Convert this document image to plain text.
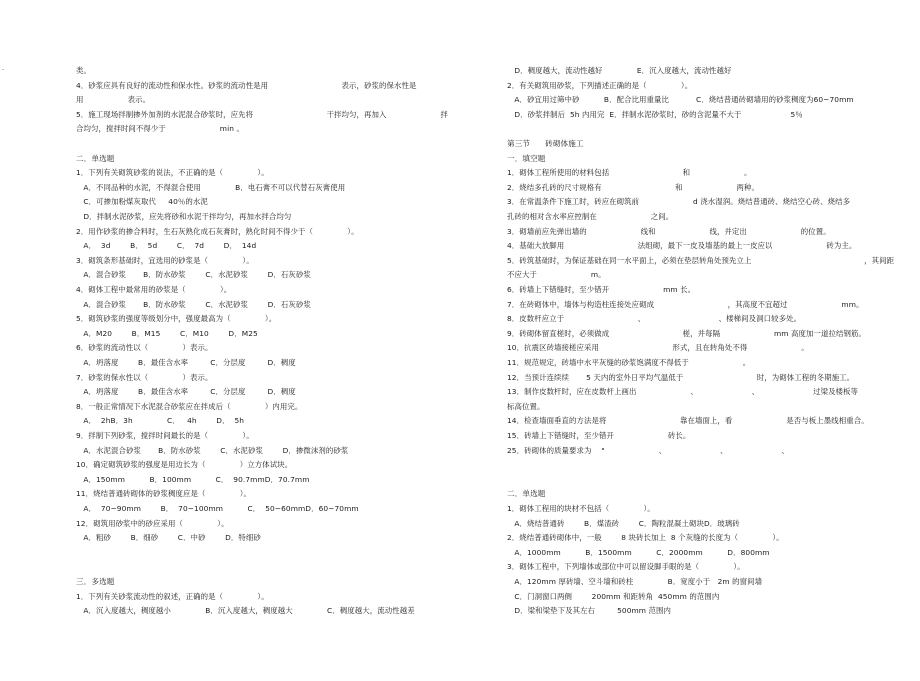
-	类。
4．砂浆应具有良好的流动性和保水性。砂浆的流动性是用                              表示，砂浆的保水性是
用                  表示。
5．施工现场拌制掺外加剂的水泥混合砂浆时，应先将                              干拌均匀，再加入                      拌
合均匀，搅拌时间不得少于                      min 。
二．单选题
1．下列有关砌筑砂浆的说法，不正确的是（              ）。
A．不同品种的水泥，不得混合使用              B．电石膏不可以代替石灰膏使用
C．可掺加粉煤灰取代     40％的水泥
D．拌制水泥砂浆，应先将砂和水泥干拌均匀，再加水拌合均匀
2．用作砂浆的掺合料时，生石灰熟化成石灰膏时，熟化时间不得少于（              ）。
A．  3d        B．  5d        C．  7d        D．  14d
3．砌筑条形基础时，宜选用的砂浆是（              ）。
A．混合砂浆       B．防水砂浆        C．水泥砂浆        D．石灰砂浆
4．砌体工程中最常用的砂浆是（              ）。
A．混合砂浆       B．防水砂浆        C．水泥砂浆        D．石灰砂浆
5．砌筑砂浆的强度等级划分中，强度最高为（              ）。
A．M20        B．M15        C．M10        D．M25
6．砂浆的流动性以（              ）表示。
A．坍落度        B．最佳含水率         C．分层度         D．稠度
7．砂浆的保水性以（              ）表示。
A．坍落度        B．最佳含水率         C．分层度         D．稠度
8．一般正常情况下水泥混合砂浆应在拌成后（              ）内用完。
A．  2hB．3h              C．   4h        D．  5h
9．拌制下列砂浆，搅拌时间最长的是（              ）。
A．水泥混合砂浆       B．防水砂浆        C．水泥砂浆        D．掺微沫剂的砂浆
10．确定砌筑砂浆的强度是用边长为（              ）立方体试块。
A．150mm          B．100mm          C．  90.7mmD．70.7mm
11．烧结普通砖砌体的砂浆稠度应是（              ）。
A．  70~90mm        B．  70~100mm          C．  50~60mmD．60~70mm
12．砌筑用砂浆中的砂应采用（              ）。
A．粗砂        B．细砂        C．中砂        D．特细砂
三．多选题
1．下列有关砂浆流动性的叙述，正确的是（              ）。
A．沉入度越大，稠度越小              B．沉入度越大，稠度越大              C．稠度越大，流动性越差
D．稠度越大，流动性越好              E．沉入度越大，流动性越好
2．有关砌筑用砂浆，下列描述正确的是（              ）。
A．砂宜用过筛中砂          B．配合比用重量比           C．烧结普通砖砌墙用的砂浆稠度为60~70mm
D．砂浆拌制后  5h 内用完  E．拌制水泥砂浆时，砂的含泥量不大于                    5％
第三节      砖砌体施工
一．填空题
1．砌体工程所使用的材料包括                              和                      。
2．烧结多孔砖的尺寸规格有                              和                      两种。
3．在常温条件下施工时，砖应在砌筑前                      d 浇水湿润。烧结普通砖、烧结空心砖、烧结多
孔砖的相对含水率应控制在                      之间。
3．砌墙前应先弹出墙的                      线和                      线，并定出                      的位置。
4．基础大放脚用                              法组砌，最下一皮及墙基的最上一皮应以                      砖为主。
5．砖筑基础时，为保证基础在同一水平面上，必须在垫层转角处预先立上                                              ，其间距
不应大于                      m。
6．砖墙上下错缝时，至少错开                      mm 长。
7．在砖砌体中，墙体与构造柱连接处应砌成                              ，其高度不宜超过                      mm。
8．皮数杆应立于                              、                              、楼梯间及洞口较多处。
9．砖砌体留直槎时，必须做成                              槎，并每隔                      mm 高度加一道拉结钢筋。
10．抗震区砖墙接槎应采用                              形式，且在转角处不得                      。
11．规范规定，砖墙中水平灰缝的砂浆饱满度不得低于                      。
12．当预计连续续       5 天内的室外日平均气温低于                              时，为砌体工程的冬期施工。
13．制作皮数杆时，应在皮数杆上画出                      、                      、                      过梁及楼板等
标高位置。
14．检查墙面垂直的方法是将                              靠在墙面上，看                      是否与板上墨线相重合。
15．砖墙上下错缝时，至少错开                      砖长。
25．砖砌体的质量要求为    "                      、                      、                      、
二．单选题
1．砌体工程用的块材不包括（              ）。
A．烧结普通砖        B．煤渣砖        C．陶粒混凝土砌块D．玻璃砖
2．烧结普通砖砌体中，一般        8 块砖长加上  8 个灰缝的长度为（              ）。
A．1000mm          B．1500mm          C．2000mm          D．800mm
3．砌体工程中，下列墙体或部位中可以留设脚手眼的是（              ）。
A．120mm 厚砖墙、空斗墙和砖柱              B．宽度小于   2m 的窗间墙
C．门洞窗口两侧        200mm 和距转角  450mm 的范围内
D．梁和梁垫下及其左右         500mm 范围内
